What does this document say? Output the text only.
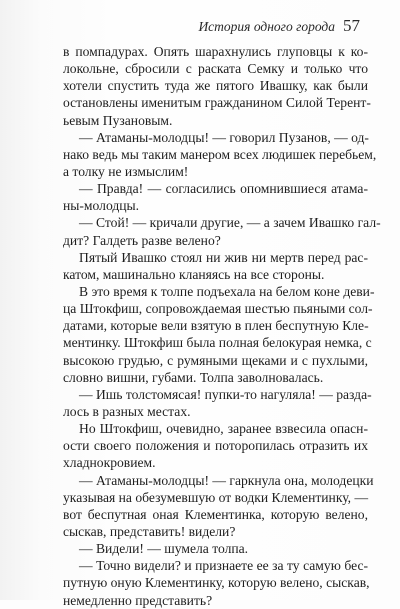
История одного города 57
в помпадурах. Опять шарахнулись глуповцы к ко-
локольне, сбросили с раската Семку и только что
хотели спустить туда же пятого Ивашку, как были
остановлены именитым гражданином Силой Терент-
ьевым Пузановым.
— Атаманы-молодцы! — говорил Пузанов, — од-
нако ведь мы таким манером всех людишек перебьем,
а толку не измыслим!
— Правда! — согласились опомнившиеся атама-
ны-молодцы.
— Стой! — кричали другие, — а зачем Ивашко гал-
дит? Галдеть разве велено?
Пятый Ивашко стоял ни жив ни мертв перед рас-
катом, машинально кланяясь на все стороны.
В это время к толпе подъехала на белом коне деви-
ца Штокфиш, сопровождаемая шестью пьяными сол-
датами, которые вели взятую в плен беспутную Кле-
ментинку. Штокфиш была полная белокурая немка, с
высокою грудью, с румяными щеками и с пухлыми,
словно вишни, губами. Толпа заволновалась.
— Ишь толстомясая! пупки-то нагуляла! — разда-
лось в разных местах.
Но Штокфиш, очевидно, заранее взвесила опасн-
ости своего положения и поторопилась отразить их
хладнокровием.
— Атаманы-молодцы! — гаркнула она, молодецки
указывая на обезумевшую от водки Клементинку, —
вот беспутная оная Клементинка, которую велено,
сыскав, представить! видели?
— Видели! — шумела толпа.
— Точно видели? и признаете ее за ту самую бес-
путную оную Клементинку, которую велено, сыскав,
немедленно представить?
